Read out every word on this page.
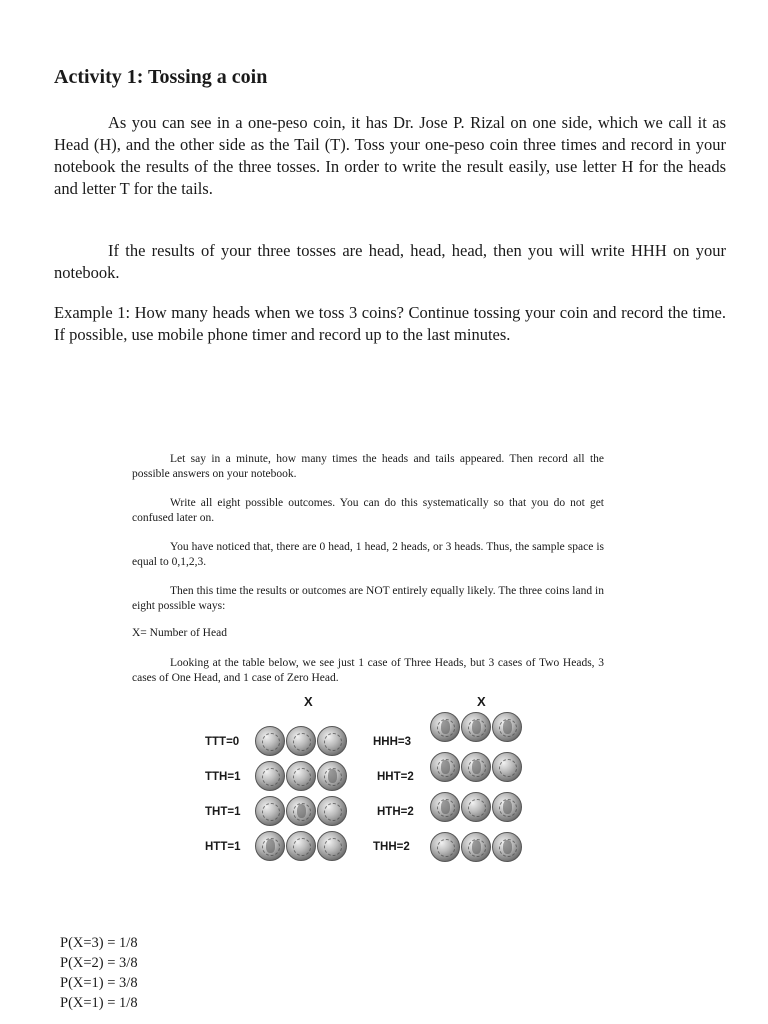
Activity 1: Tossing a coin

As you can see in a one-peso coin, it has Dr. Jose P. Rizal on one side, which we call it as Head (H), and the other side as the Tail (T). Toss your one-peso coin three times and record in your notebook the results of the three tosses. In order to write the result easily, use letter H for the heads and letter T for the tails.

If the results of your three tosses are head, head, head, then you will write HHH on your notebook.

Example 1: How many heads when we toss 3 coins? Continue tossing your coin and record the time. If possible, use mobile phone timer and record up to the last minutes.

Let say in a minute, how many times the heads and tails appeared. Then record all the possible answers on your notebook.

Write all eight possible outcomes. You can do this systematically so that you do not get confused later on.

You have noticed that, there are 0 head, 1 head, 2 heads, or 3 heads. Thus, the sample space is equal to 0,1,2,3.

Then this time the results or outcomes are NOT entirely equally likely. The three coins land in eight possible ways:

X= Number of Head

Looking at the table below, we see just 1 case of Three Heads, but 3 cases of Two Heads, 3 cases of One Head, and 1 case of Zero Head.

X	X
TTT=0
TTH=1
THT=1
HTT=1
HHH=3
HHT=2
HTH=2
THH=2

P(X=3) = 1/8

P(X=2) = 3/8

P(X=1) = 3/8

P(X=1) = 1/8
